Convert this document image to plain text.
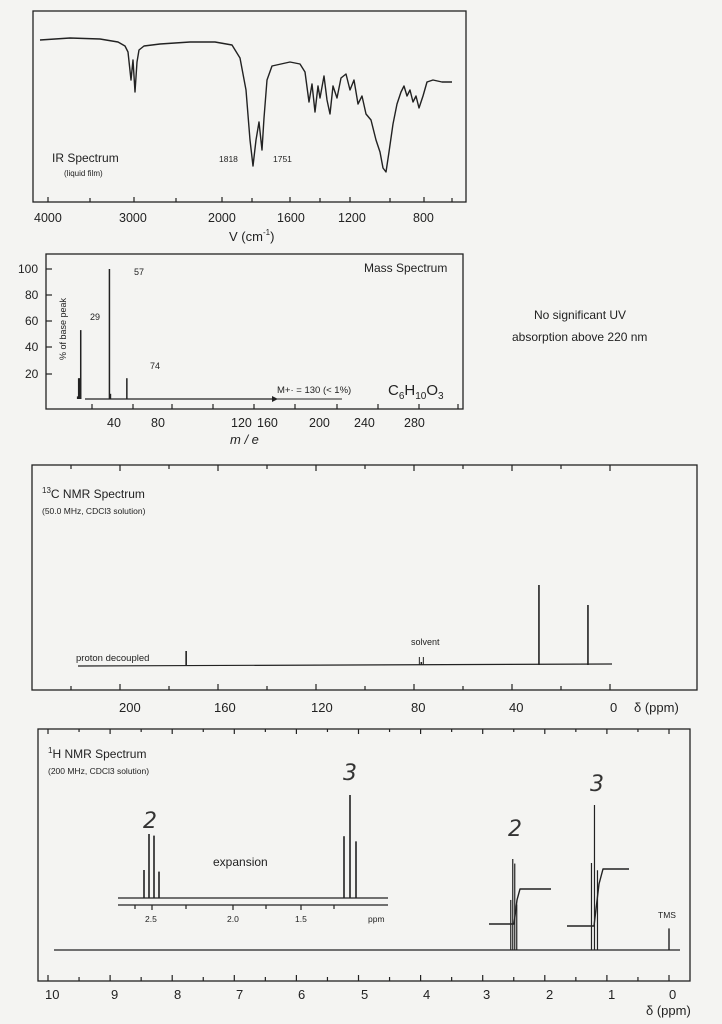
IR Spectrum
(liquid film)
1818	1751
4000	3000	2000	1600	1200	800
V $(cm^{-1})$
Mass Spectrum
% of base peak
100
80
60
40
20
57
29
74
M+· = 130 (< 1%) $C_6H_{10}O_3$
40 80	120 160 200 240 280
m / e
No significant UV
absorption above 220 nm
$^{13}$C NMR Spectrum
(50.0 MHz, CDCl3 solution)
proton decoupled
solvent
200	160	120	80	40	0 δ (ppm)
$^1$H NMR Spectrum
(200 MHz, CDCl3 solution)
expansion
2.5	2.0	1.5	ppm	TMS
2
3
2
3
10	9	8	7	6	5	4	3	2	1	0
δ (ppm)
